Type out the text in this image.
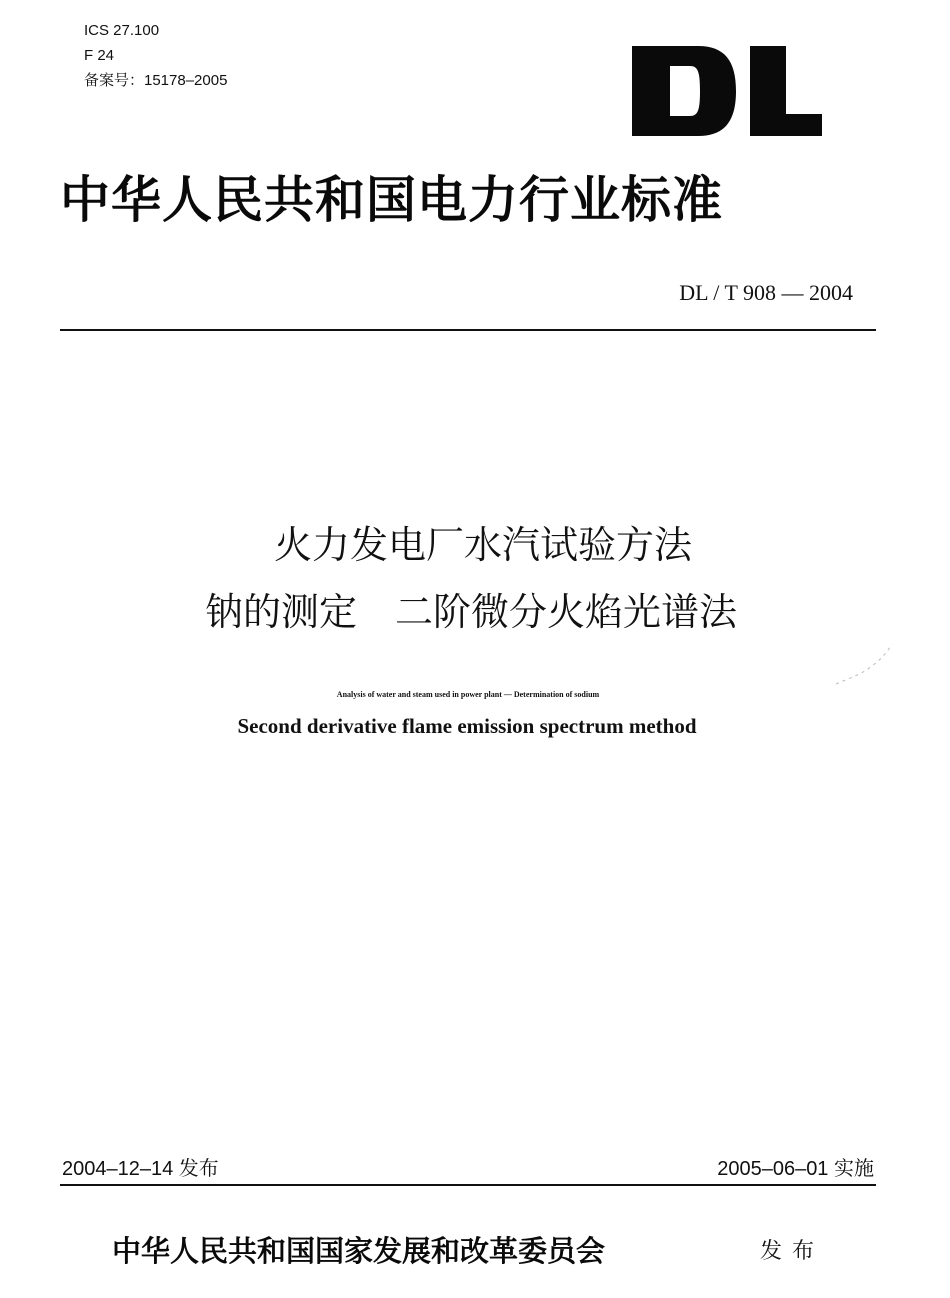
ICS 27.100
F 24
备案号：15178–2005
中华人民共和国电力行业标准
DL / T 908 — 2004
火力发电厂水汽试验方法
钠的测定　二阶微分火焰光谱法
Analysis of water and steam used in power plant — Determination of sodium
Second derivative flame emission spectrum method
2004–12–14 发布	2005–06–01 实施
中华人民共和国国家发展和改革委员会	发布
